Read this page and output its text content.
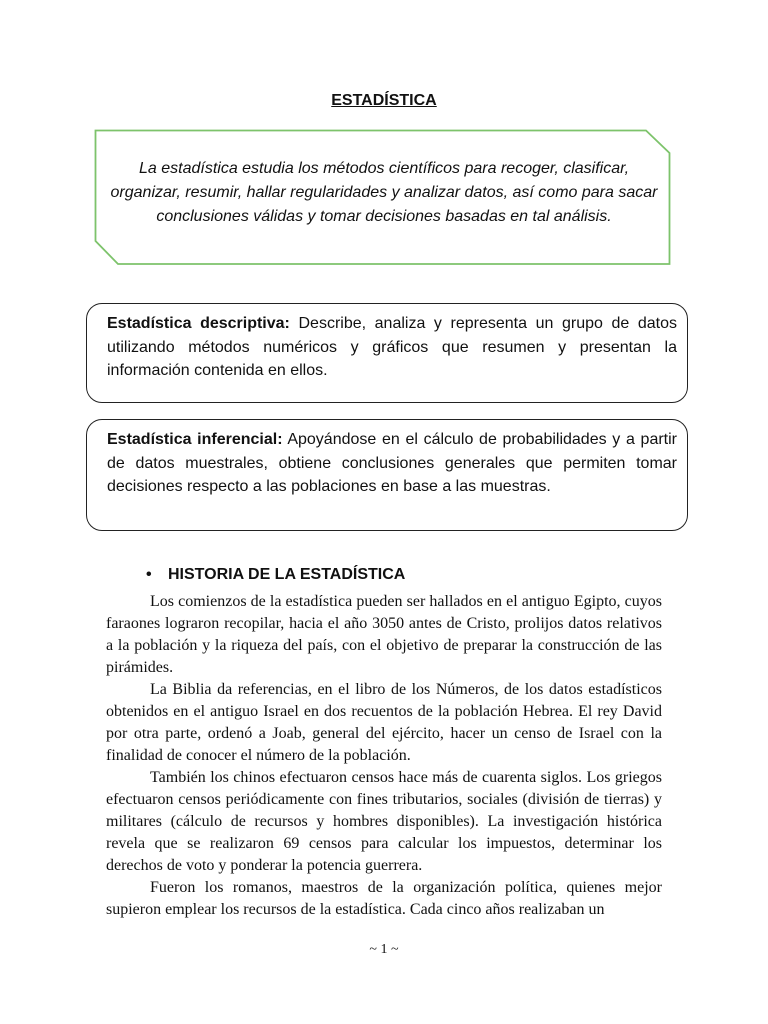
ESTADÍSTICA
La estadística estudia los métodos científicos para recoger, clasificar, organizar, resumir, hallar regularidades y analizar datos, así como para sacar conclusiones válidas y tomar decisiones basadas en tal análisis.
Estadística descriptiva: Describe, analiza y representa un grupo de datos utilizando métodos numéricos y gráficos que resumen y presentan la información contenida en ellos.
Estadística inferencial: Apoyándose en el cálculo de probabilidades y a partir de datos muestrales, obtiene conclusiones generales que permiten tomar decisiones respecto a las poblaciones en base a las muestras.
• HISTORIA DE LA ESTADÍSTICA

Los comienzos de la estadística pueden ser hallados en el antiguo Egipto, cuyos faraones lograron recopilar, hacia el año 3050 antes de Cristo, prolijos datos relativos a la población y la riqueza del país, con el objetivo de preparar la construcción de las pirámides.

La Biblia da referencias, en el libro de los Números, de los datos estadísticos obtenidos en el antiguo Israel en dos recuentos de la población Hebrea. El rey David por otra parte, ordenó a Joab, general del ejército, hacer un censo de Israel con la finalidad de conocer el número de la población.

También los chinos efectuaron censos hace más de cuarenta siglos. Los griegos efectuaron censos periódicamente con fines tributarios, sociales (división de tierras) y militares (cálculo de recursos y hombres disponibles). La investigación histórica revela que se realizaron 69 censos para calcular los impuestos, determinar los derechos de voto y ponderar la potencia guerrera.

Fueron los romanos, maestros de la organización política, quienes mejor supieron emplear los recursos de la estadística. Cada cinco años realizaban un

~ 1 ~
